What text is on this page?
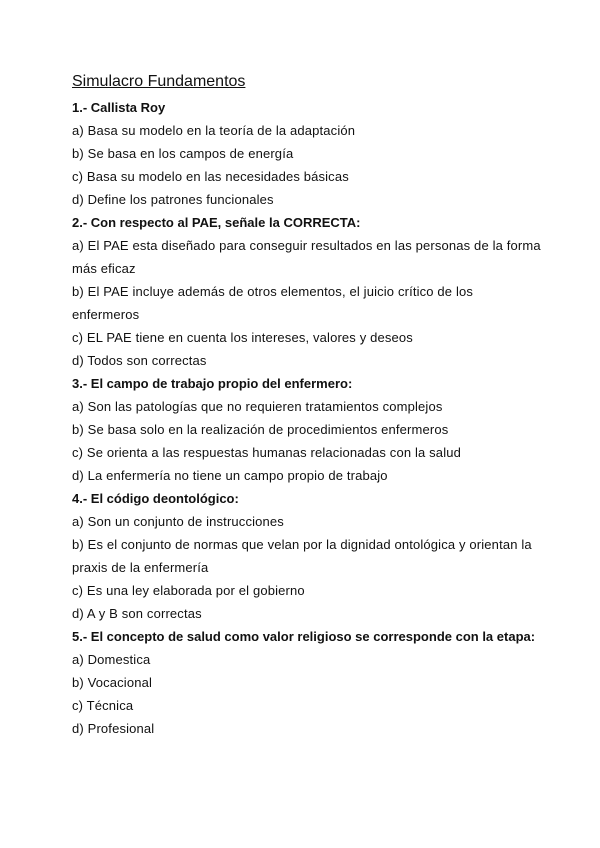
Simulacro Fundamentos

1.- Callista Roy

a) Basa su modelo en la teoría de la adaptación

b) Se basa en los campos de energía

c) Basa su modelo en las necesidades básicas

d) Define los patrones funcionales

2.- Con respecto al PAE, señale la CORRECTA:

a) El PAE esta diseñado para conseguir resultados en las personas de la forma más eficaz

b) El PAE incluye además de otros elementos, el juicio crítico de los enfermeros

c) EL PAE tiene en cuenta los intereses, valores y deseos

d) Todos son correctas

3.- El campo de trabajo propio del enfermero:

a) Son las patologías que no requieren tratamientos complejos

b) Se basa solo en la realización de procedimientos enfermeros

c) Se orienta a las respuestas humanas relacionadas con la salud

d) La enfermería no tiene un campo propio de trabajo

4.- El código deontológico:

a) Son un conjunto de instrucciones

b) Es el conjunto de normas que velan por la dignidad ontológica y orientan la praxis de la enfermería

c) Es una ley elaborada por el gobierno

d) A y B son correctas

5.- El concepto de salud como valor religioso se corresponde con la etapa:

a) Domestica

b) Vocacional

c) Técnica

d) Profesional
